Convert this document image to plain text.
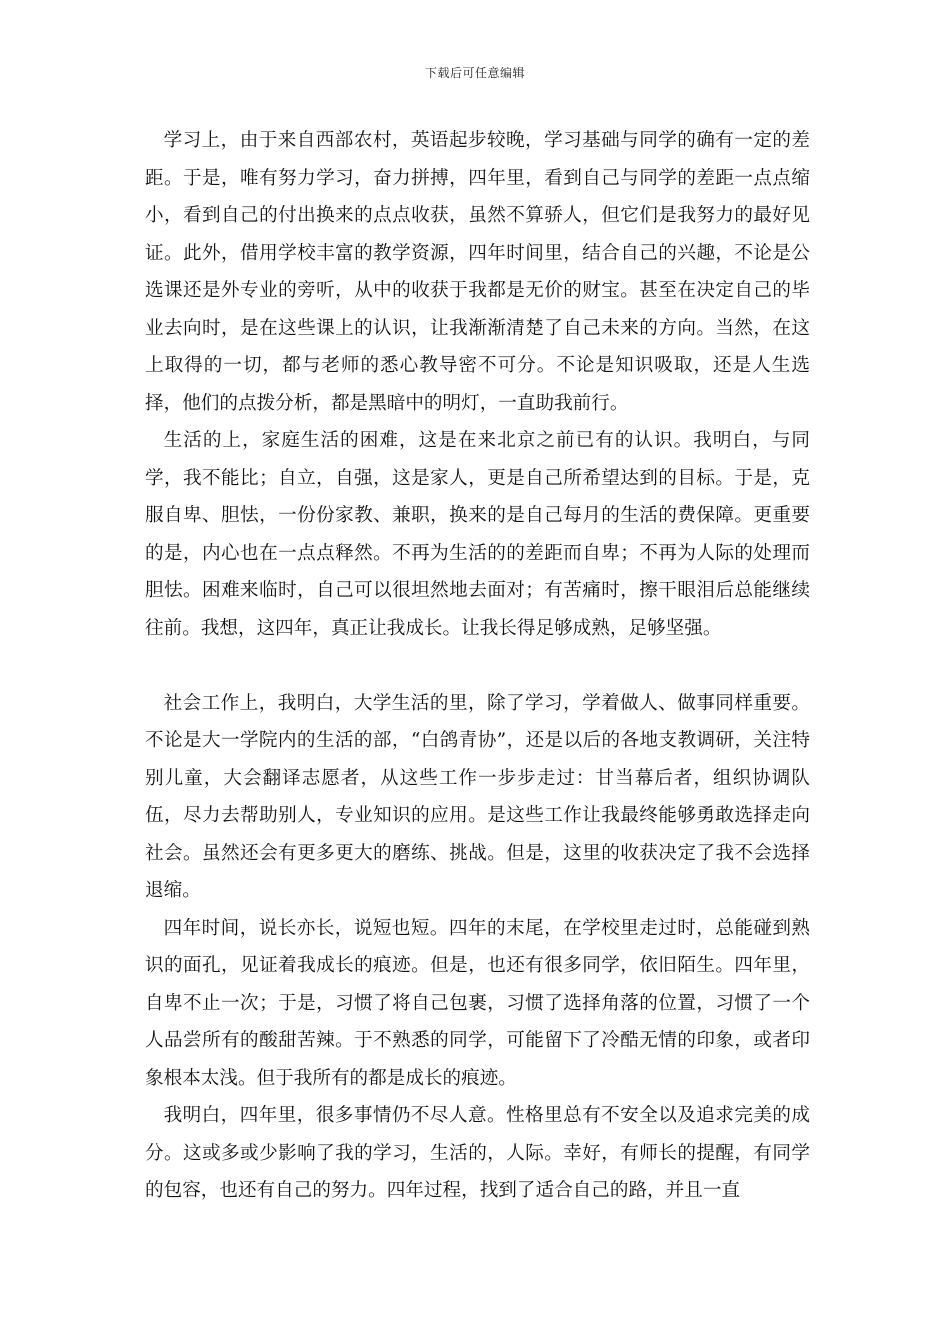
下载后可任意编辑

学习上，由于来自西部农村，英语起步较晚，学习基础与同学的确有一定的差距。于是，唯有努力学习，奋力拼搏，四年里，看到自己与同学的差距一点点缩小，看到自己的付出换来的点点收获，虽然不算骄人，但它们是我努力的最好见证。此外，借用学校丰富的教学资源，四年时间里，结合自己的兴趣，不论是公选课还是外专业的旁听，从中的收获于我都是无价的财宝。甚至在决定自己的毕业去向时，是在这些课上的认识，让我渐渐清楚了自己未来的方向。当然，在这上取得的一切，都与老师的悉心教导密不可分。不论是知识吸取，还是人生选择，他们的点拨分析，都是黑暗中的明灯，一直助我前行。

生活的上，家庭生活的困难，这是在来北京之前已有的认识。我明白，与同学，我不能比；自立，自强，这是家人，更是自己所希望达到的目标。于是，克服自卑、胆怯，一份份家教、兼职，换来的是自己每月的生活的费保障。更重要的是，内心也在一点点释然。不再为生活的的差距而自卑；不再为人际的处理而胆怯。困难来临时，自己可以很坦然地去面对；有苦痛时，擦干眼泪后总能继续往前。我想，这四年，真正让我成长。让我长得足够成熟，足够坚强。

社会工作上，我明白，大学生活的里，除了学习，学着做人、做事同样重要。不论是大一学院内的生活的部，“白鸽青协”，还是以后的各地支教调研，关注特别儿童，大会翻译志愿者，从这些工作一步步走过：甘当幕后者，组织协调队伍，尽力去帮助别人，专业知识的应用。是这些工作让我最终能够勇敢选择走向社会。虽然还会有更多更大的磨练、挑战。但是，这里的收获决定了我不会选择退缩。

四年时间，说长亦长，说短也短。四年的末尾，在学校里走过时，总能碰到熟识的面孔，见证着我成长的痕迹。但是，也还有很多同学，依旧陌生。四年里，自卑不止一次；于是，习惯了将自己包裹，习惯了选择角落的位置，习惯了一个人品尝所有的酸甜苦辣。于不熟悉的同学，可能留下了冷酷无情的印象，或者印象根本太浅。但于我所有的都是成长的痕迹。

我明白，四年里，很多事情仍不尽人意。性格里总有不安全以及追求完美的成分。这或多或少影响了我的学习，生活的，人际。幸好，有师长的提醒，有同学的包容，也还有自己的努力。四年过程，找到了适合自己的路，并且一直
